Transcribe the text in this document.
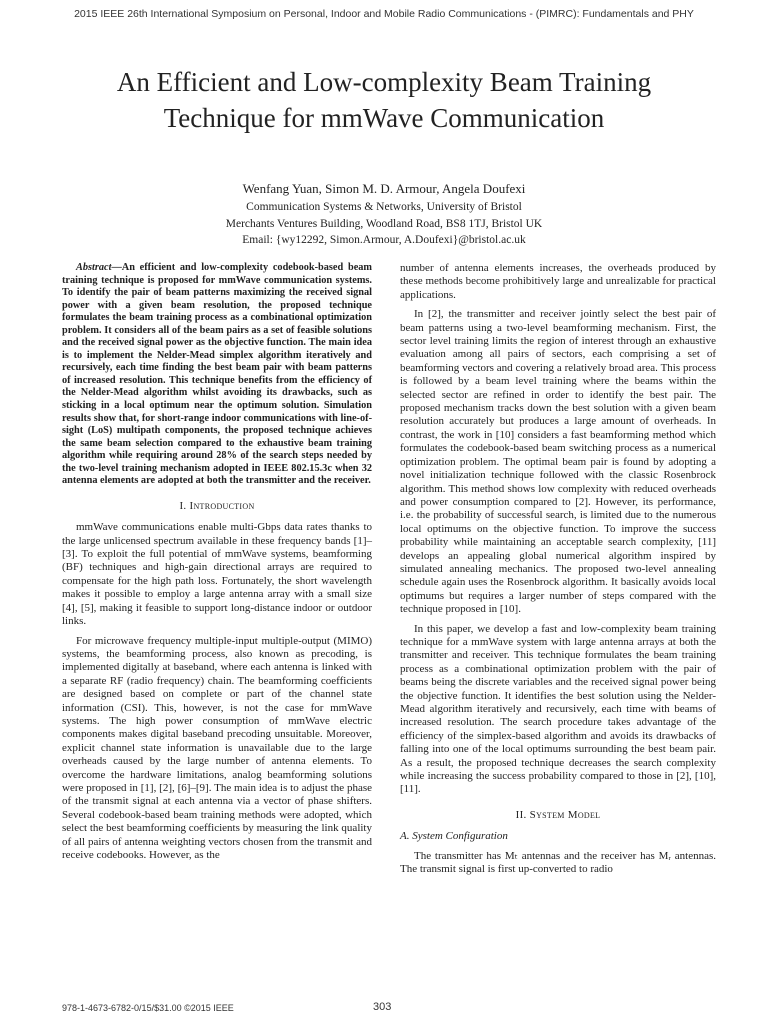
2015 IEEE 26th International Symposium on Personal, Indoor and Mobile Radio Communications - (PIMRC): Fundamentals and PHY
An Efficient and Low-complexity Beam Training
Technique for mmWave Communication
Wenfang Yuan, Simon M. D. Armour, Angela Doufexi
Communication Systems & Networks, University of Bristol
Merchants Ventures Building, Woodland Road, BS8 1TJ, Bristol UK
Email: {wy12292, Simon.Armour, A.Doufexi}@bristol.ac.uk

Abstract—An efficient and low-complexity codebook-based beam training technique is proposed for mmWave communication systems. To identify the pair of beam patterns maximizing the received signal power with a given beam resolution, the proposed technique formulates the beam training process as a combinational optimization problem. It considers all of the beam pairs as a set of feasible solutions and the received signal power as the objective function. The main idea is to implement the Nelder-Mead simplex algorithm iteratively and recursively, each time finding the best beam pair with beam patterns of increased resolution. This technique benefits from the efficiency of the Nelder-Mead algorithm whilst avoiding its drawbacks, such as sticking in a local optimum near the optimum solution. Simulation results show that, for short-range indoor communications with line-of-sight (LoS) multipath components, the proposed technique achieves the same beam selection compared to the exhaustive beam training algorithm while requiring around 28% of the search steps needed by the two-level training mechanism adopted in IEEE 802.15.3c when 32 antenna elements are adopted at both the transmitter and the receiver.

I. Introduction

mmWave communications enable multi-Gbps data rates thanks to the large unlicensed spectrum available in these frequency bands [1]–[3]. To exploit the full potential of mmWave systems, beamforming (BF) techniques and high-gain directional arrays are required to compensate for the high path loss. Fortunately, the short wavelength makes it possible to employ a large antenna array with a small size [4], [5], making it feasible to support long-distance indoor or outdoor links.

For microwave frequency multiple-input multiple-output (MIMO) systems, the beamforming process, also known as precoding, is implemented digitally at baseband, where each antenna is linked with a separate RF (radio frequency) chain. The beamforming coefficients are designed based on complete or part of the channel state information (CSI). This, however, is not the case for mmWave systems. The high power consumption of mmWave electric components makes digital baseband precoding unsuitable. Moreover, explicit channel state information is unavailable due to the large overheads caused by the large number of antenna elements. To overcome the hardware limitations, analog beamforming solutions were proposed in [1], [2], [6]–[9]. The main idea is to adjust the phase of the transmit signal at each antenna via a vector of phase shifters. Several codebook-based beam training methods were adopted, which select the best beamforming coefficients by measuring the link quality of all pairs of antenna weighting vectors chosen from the transmit and receive codebooks. However, as the

number of antenna elements increases, the overheads produced by these methods become prohibitively large and unrealizable for practical applications.

In [2], the transmitter and receiver jointly select the best pair of beam patterns using a two-level beamforming mechanism. First, the sector level training limits the region of interest through an exhaustive evaluation among all pairs of sectors, each comprising a set of beamforming vectors and covering a relatively broad area. This process is followed by a beam level training where the beams within the selected sector are refined in order to identify the best pair. The proposed mechanism tracks down the best solution with a given beam resolution accurately but produces a large amount of overheads. In contrast, the work in [10] considers a fast beamforming method which formulates the codebook-based beam switching process as a numerical optimization problem. The optimal beam pair is found by adopting a novel initialization technique followed with the classic Rosenbrock algorithm. This method shows low complexity with reduced overheads and power consumption compared to [2]. However, its performance, i.e. the probability of successful search, is limited due to the numerous local optimums on the objective function. To improve the success probability while maintaining an acceptable search complexity, [11] develops an appealing global numerical algorithm inspired by simulated annealing mechanics. The proposed two-level annealing schedule again uses the Rosenbrock algorithm. It basically avoids local optimums but requires a larger number of steps compared with the technique proposed in [10].

In this paper, we develop a fast and low-complexity beam training technique for a mmWave system with large antenna arrays at both the transmitter and receiver. This technique formulates the beam training process as a combinational optimization problem with the pair of beams being the discrete variables and the received signal power being the objective function. It identifies the best solution using the Nelder-Mead algorithm iteratively and recursively, each time with beams of increased resolution. The search procedure takes advantage of the efficiency of the simplex-based algorithm and avoids its drawbacks of falling into one of the local optimums surrounding the best beam pair. As a result, the proposed technique decreases the search complexity while increasing the success probability compared to those in [2], [10], [11].

II. System Model
A. System Configuration

The transmitter has Mₜ antennas and the receiver has Mᵣ antennas. The transmit signal is first up-converted to radio

978-1-4673-6782-0/15/$31.00 ©2015 IEEE	303
